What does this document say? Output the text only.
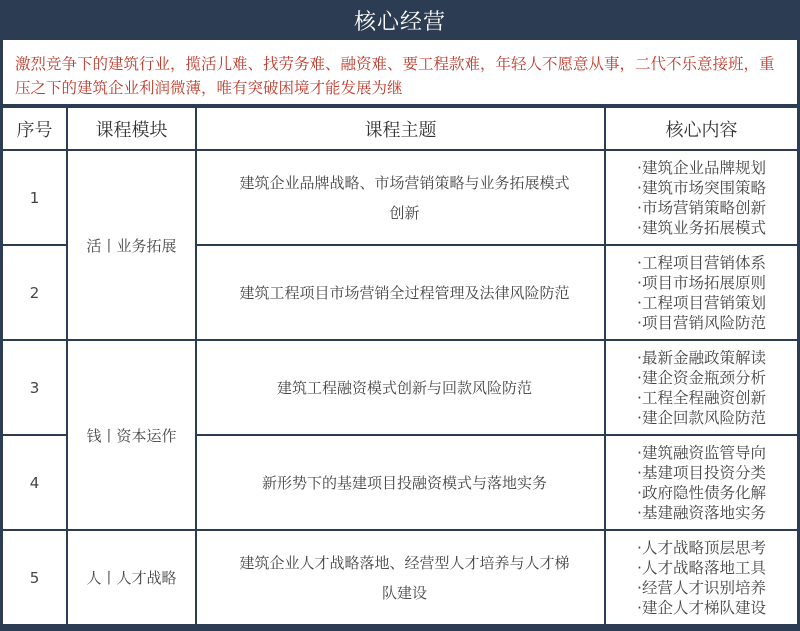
核心经营
激烈竞争下的建筑行业，揽活儿难、找劳务难、融资难、要工程款难，年轻人不愿意从事，二代不乐意接班，重压之下的建筑企业利润微薄，唯有突破困境才能发展为继
序号	课程模块	课程主题	核心内容
1	活丨业务拓展	建筑企业品牌战略、市场营销策略与业务拓展模式创新	· 建筑企业品牌规划
· 建筑市场突围策略
· 市场营销策略创新
· 建筑业务拓展模式

2		建筑工程项目市场营销全过程管理及法律风险防范	· 工程项目营销体系
· 项目市场拓展原则
· 工程项目营销策划
· 项目营销风险防范

3	钱丨资本运作	建筑工程融资模式创新与回款风险防范	· 最新金融政策解读
· 建企资金瓶颈分析
· 工程全程融资创新
· 建企回款风险防范

4		新形势下的基建项目投融资模式与落地实务	· 建筑融资监管导向
· 基建项目投资分类
· 政府隐性债务化解
· 基建融资落地实务

5	人丨人才战略	建筑企业人才战略落地、经营型人才培养与人才梯队建设	· 人才战略顶层思考
· 人才战略落地工具
· 经营人才识别培养
· 建企人才梯队建设
